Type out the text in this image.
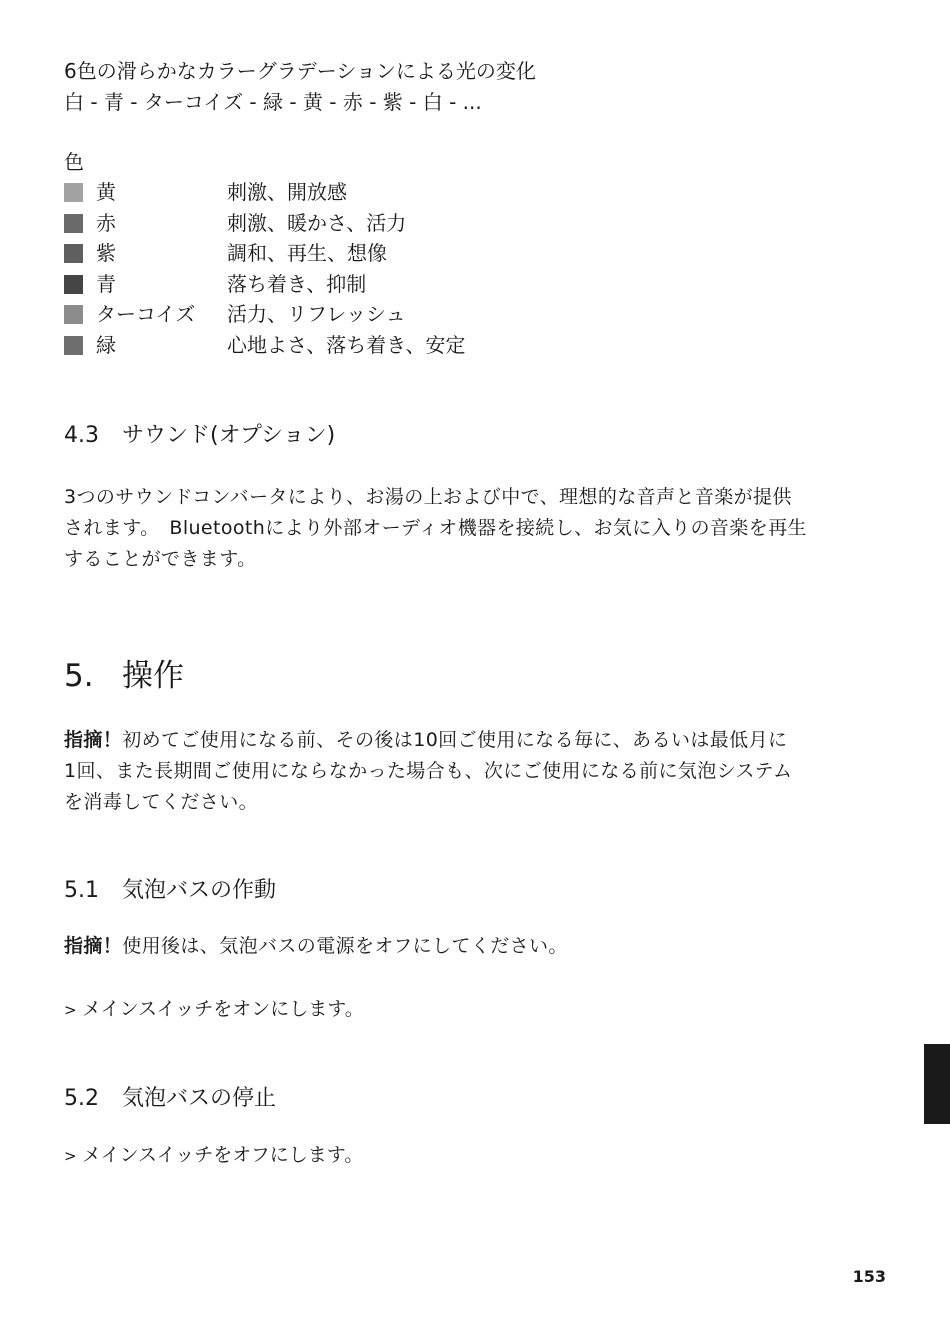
6色の滑らかなカラーグラデーションによる光の変化
白 - 青 - ターコイズ - 緑 - 黄 - 赤 - 紫 - 白 - ...
色
黄	刺激、開放感
赤	刺激、暖かさ、活力
紫	調和、再生、想像
青	落ち着き、抑制
ターコイズ 活力、リフレッシュ
緑	心地よさ、落ち着き、安定
4.3 サウンド(オプション)

3つのサウンドコンバータにより、お湯の上および中で、理想的な音声と音楽が提供

されます。　Bluetoothにより外部オーディオ機器を接続し、お気に入りの音楽を再生

することができます。

5. 操作

指摘！初めてご使用になる前、その後は10回ご使用になる毎に、あるいは最低月に

1回、また長期間ご使用にならなかった場合も、次にご使用になる前に気泡システム

を消毒してください。

5.1 気泡バスの作動

指摘！使用後は、気泡バスの電源をオフにしてください。

> メインスイッチをオンにします。
5.2 気泡バスの停止
> メインスイッチをオフにします。
153
